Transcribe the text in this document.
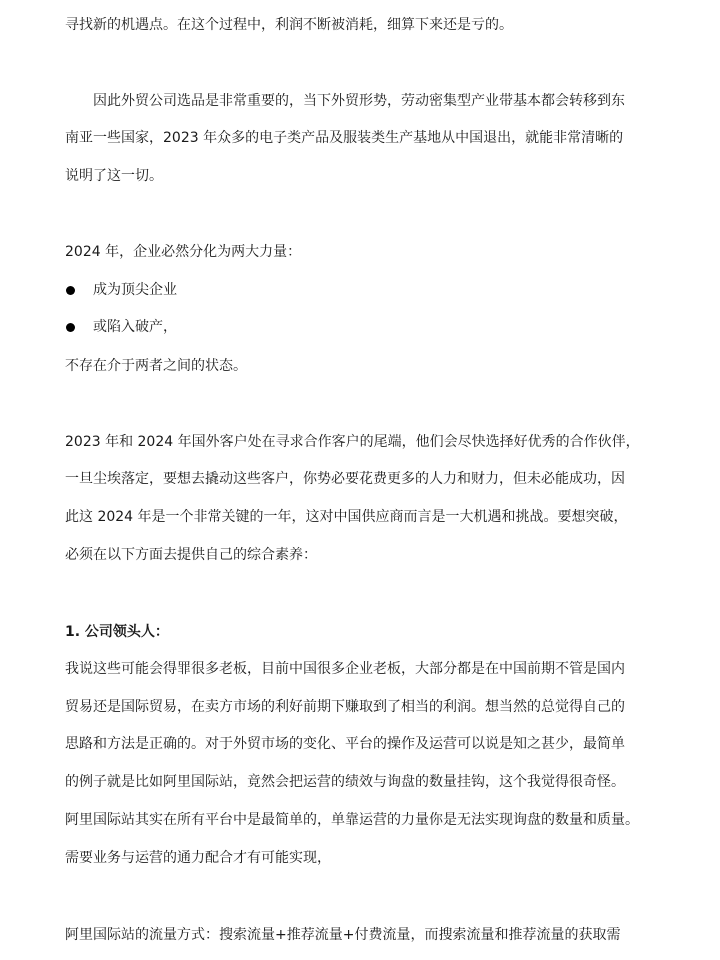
寻找新的机遇点。在这个过程中，利润不断被消耗，细算下来还是亏的。
因此外贸公司选品是非常重要的，当下外贸形势，劳动密集型产业带基本都会转移到东
南亚一些国家，2023 年众多的电子类产品及服装类生产基地从中国退出，就能非常清晰的
说明了这一切。
2024 年，企业必然分化为两大力量：
成为顶尖企业
或陷入破产，
不存在介于两者之间的状态。
2023 年和 2024 年国外客户处在寻求合作客户的尾端，他们会尽快选择好优秀的合作伙伴，
一旦尘埃落定，要想去撬动这些客户，你势必要花费更多的人力和财力，但未必能成功，因
此这 2024 年是一个非常关键的一年，这对中国供应商而言是一大机遇和挑战。要想突破，
必须在以下方面去提供自己的综合素养：
1. 公司领头人：
我说这些可能会得罪很多老板，目前中国很多企业老板，大部分都是在中国前期不管是国内
贸易还是国际贸易，在卖方市场的利好前期下赚取到了相当的利润。想当然的总觉得自己的
思路和方法是正确的。对于外贸市场的变化、平台的操作及运营可以说是知之甚少，最简单
的例子就是比如阿里国际站，竟然会把运营的绩效与询盘的数量挂钩，这个我觉得很奇怪。
阿里国际站其实在所有平台中是最简单的，单靠运营的力量你是无法实现询盘的数量和质量。
需要业务与运营的通力配合才有可能实现，
阿里国际站的流量方式：搜索流量+推荐流量+付费流量，而搜索流量和推荐流量的获取需
